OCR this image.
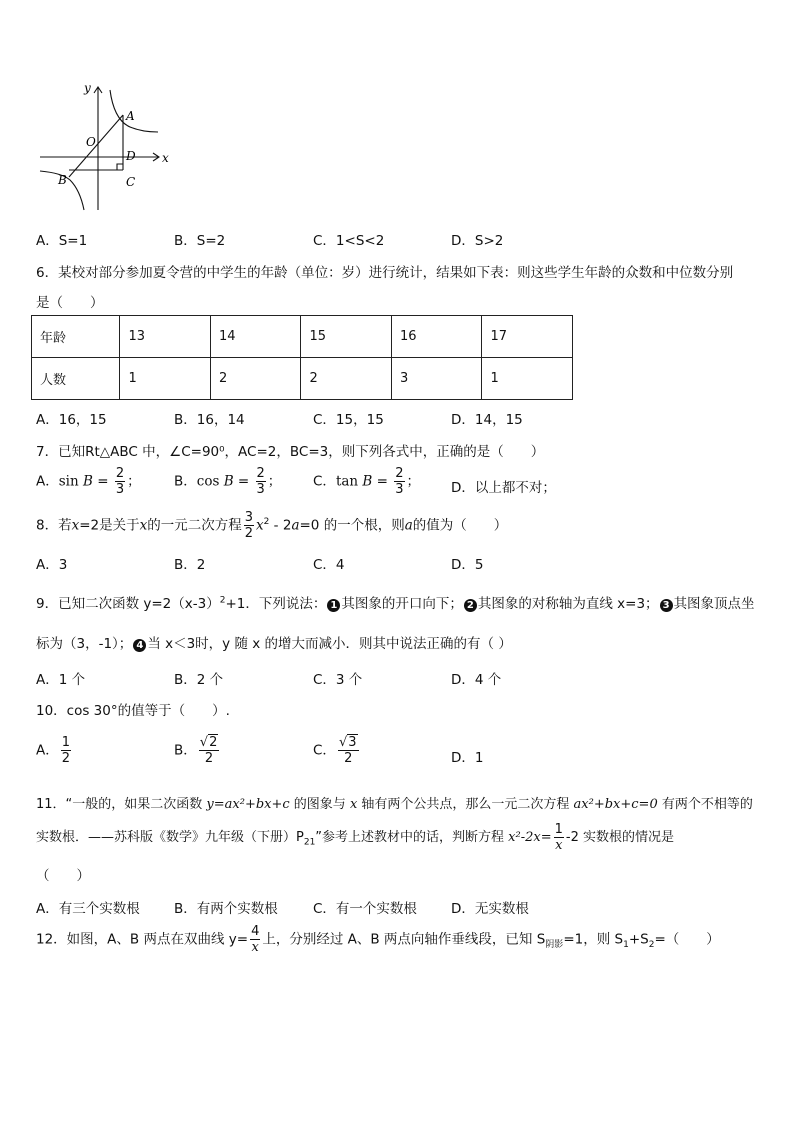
y
x
O
A
B
D
C
A．S=1	B．S=2	C．1<S<2	D．S>2
6．某校对部分参加夏令营的中学生的年龄（单位：岁）进行统计，结果如下表：则这些学生年龄的众数和中位数分别
是（　　）
年龄	13	14	15	16	17
人数	1	2	2	3	1
A．16，15	B．16，14	C．15，15	D．14，15
7．已知Rt△ABC 中，∠C=90⁰，AC=2，BC=3，则下列各式中，正确的是（　　）
A．$\sin B = \frac{2}{3}$ ； B．$\cos B = \frac{2}{3}$ ； C．$\tan B = \frac{2}{3}$ ； D．以上都不对；
8．若x=2是关于x的一元二次方程 $\frac{3}{2} x^2 - 2a=0$ 的一个根，则a的值为（　　）
A．3	B．2	C．4	D．5
9．已知二次函数 $y=2(x-3)^2+1$．下列说法： 1 其图象的开口向下； 2 其图象的对称轴为直线 x=3； 3 其图象顶点坐
标为（3，-1）； 4 当 x＜3时，y 随 x 的增大而减小．则其中说法正确的有（ ）
A．1 个	B．2 个	C．3 个	D．4 个
10．cos 30°的值等于（　　）.
A． $\frac{1}{2}$	B． $\frac{√2}{2}$	C． $\frac{√3}{2}$	D．1
11．“一般的，如果二次函数 y=ax²+bx+c 的图象与 x 轴有两个公共点，那么一元二次方程 ax²+bx+c=0 有两个不相等的
实数根．——苏科版《数学》九年级（下册）$P_{21}$”参考上述教材中的话，判断方程 $x^2-2x= \frac{1}{x} -2$ 实数根的情况是
（　　）
A．有三个实数根	B．有两个实数根	C．有一个实数根	D．无实数根
12．如图，A、B 两点在双曲线 $y= \frac{4}{x}$ 上，分别经过 A、B 两点向轴作垂线段，已知 $S_{阴影}=1$，则 $S_1+S_2=$（　　）
